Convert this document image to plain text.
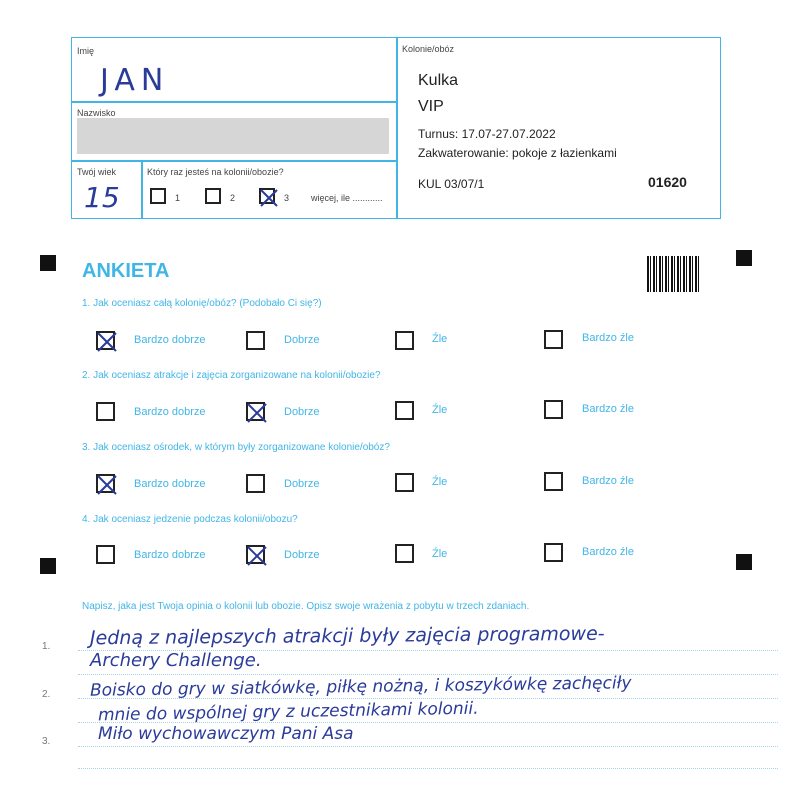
Imię
JAN
Nazwisko
Twój wiek
15
Który raz jesteś na kolonii/obozie?
1	2	3 więcej, ile ............
Kolonie/obóz
Kulka
VIP
Turnus: 17.07-27.07.2022
Zakwaterowanie: pokoje z łazienkami
KUL 03/07/1	01620
ANKIETA
1. Jak oceniasz całą kolonię/obóz? (Podobało Ci się?)
Bardzo dobrze	Dobrze	Źle	Bardzo źle
2. Jak oceniasz atrakcje i zajęcia zorganizowane na kolonii/obozie?
Bardzo dobrze	Dobrze	Źle	Bardzo źle
3. Jak oceniasz ośrodek, w którym były zorganizowane kolonie/obóz?
Bardzo dobrze	Dobrze	Źle	Bardzo źle
4. Jak oceniasz jedzenie podczas kolonii/obozu?
Bardzo dobrze	Dobrze	Źle	Bardzo źle
Napisz, jaka jest Twoja opinia o kolonii lub obozie. Opisz swoje wrażenia z pobytu w trzech zdaniach.
1.
2.
3.
Jedną z najlepszych atrakcji były zajęcia programowe-
Archery Challenge.
Boisko do gry w siatkówkę, piłkę nożną, i koszykówkę zachęciły
mnie do wspólnej gry z uczestnikami kolonii.
Miło wychowawczym Pani Asa
